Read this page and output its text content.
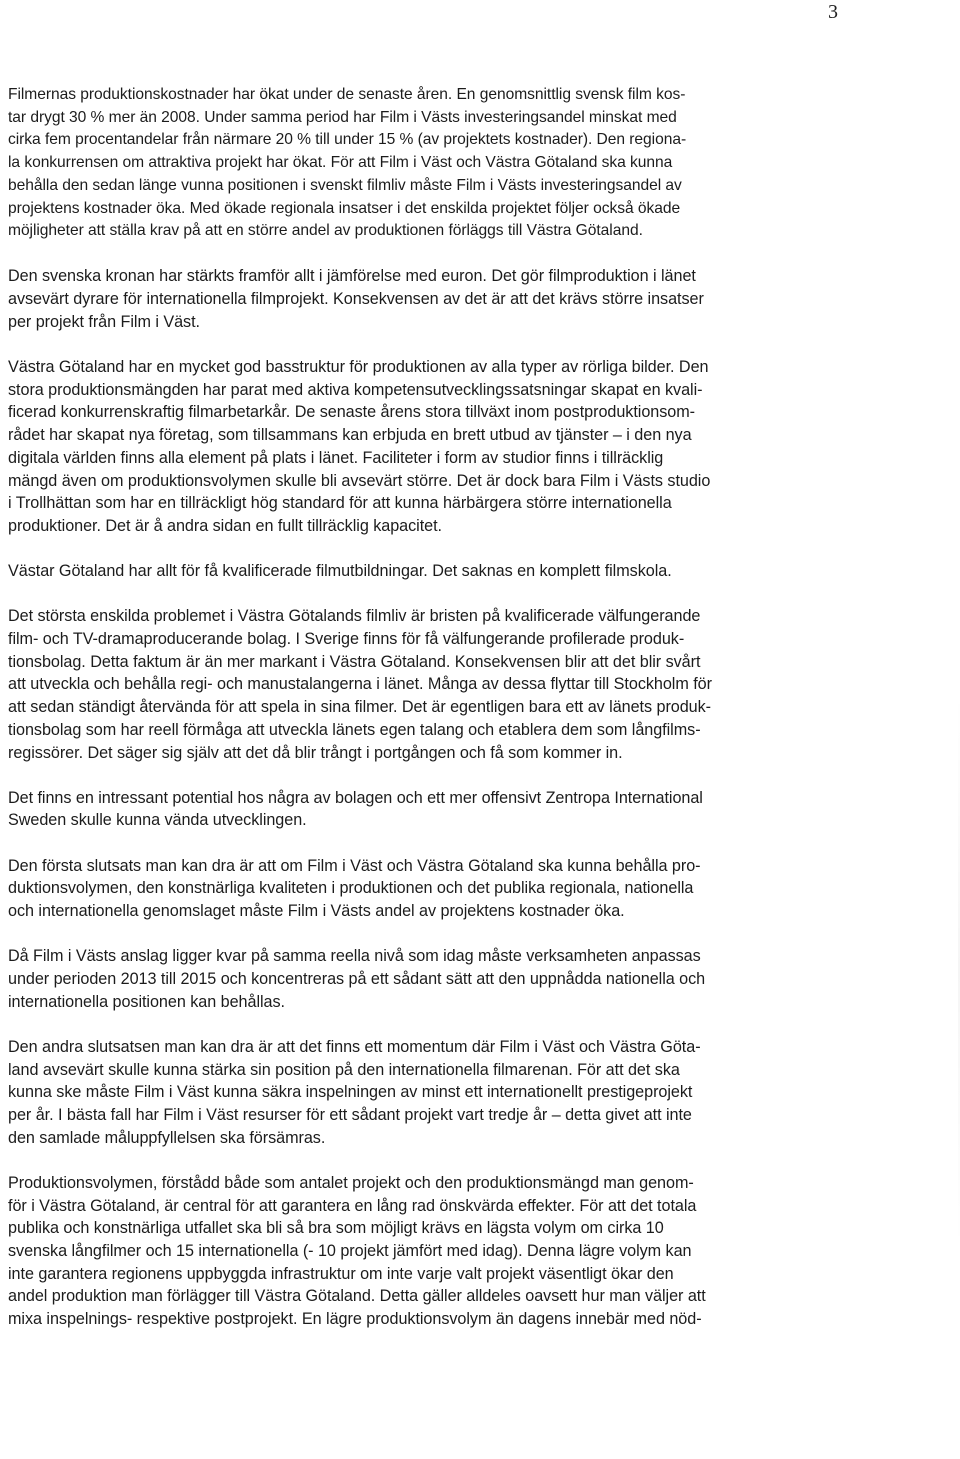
3
Filmernas produktionskostnader har ökat under de senaste åren. En genomsnittlig svensk film kos-
tar drygt 30 % mer än 2008. Under samma period har Film i Västs investeringsandel minskat med
cirka fem procentandelar från närmare 20 % till under 15 % (av projektets kostnader). Den regiona-
la konkurrensen om attraktiva projekt har ökat. För att Film i Väst och Västra Götaland ska kunna
behålla den sedan länge vunna positionen i svenskt filmliv måste Film i Västs investeringsandel av
projektens kostnader öka. Med ökade regionala insatser i det enskilda projektet följer också ökade
möjligheter att ställa krav på att en större andel av produktionen förläggs till Västra Götaland.
Den svenska kronan har stärkts framför allt i jämförelse med euron. Det gör filmproduktion i länet
avsevärt dyrare för internationella filmprojekt. Konsekvensen av det är att det krävs större insatser
per projekt från Film i Väst.
Västra Götaland har en mycket god basstruktur för produktionen av alla typer av rörliga bilder. Den
stora produktionsmängden har parat med aktiva kompetensutvecklingssatsningar skapat en kvali-
ficerad konkurrenskraftig filmarbetarkår. De senaste årens stora tillväxt inom postproduktionsom-
rådet har skapat nya företag, som tillsammans kan erbjuda en brett utbud av tjänster – i den nya
digitala världen finns alla element på plats i länet. Faciliteter i form av studior finns i tillräcklig
mängd även om produktionsvolymen skulle bli avsevärt större. Det är dock bara Film i Västs studio
i Trollhättan som har en tillräckligt hög standard för att kunna härbärgera större internationella
produktioner. Det är å andra sidan en fullt tillräcklig kapacitet.
Västar Götaland har allt för få kvalificerade filmutbildningar. Det saknas en komplett filmskola.
Det största enskilda problemet i Västra Götalands filmliv är bristen på kvalificerade välfungerande
film- och TV-dramaproducerande bolag. I Sverige finns för få välfungerande profilerade produk-
tionsbolag. Detta faktum är än mer markant i Västra Götaland. Konsekvensen blir att det blir svårt
att utveckla och behålla regi- och manustalangerna i länet. Många av dessa flyttar till Stockholm för
att sedan ständigt återvända för att spela in sina filmer. Det är egentligen bara ett av länets produk-
tionsbolag som har reell förmåga att utveckla länets egen talang och etablera dem som långfilms-
regissörer. Det säger sig själv att det då blir trångt i portgången och få som kommer in.
Det finns en intressant potential hos några av bolagen och ett mer offensivt Zentropa International
Sweden skulle kunna vända utvecklingen.
Den första slutsats man kan dra är att om Film i Väst och Västra Götaland ska kunna behålla pro-
duktionsvolymen, den konstnärliga kvaliteten i produktionen och det publika regionala, nationella
och internationella genomslaget måste Film i Västs andel av projektens kostnader öka.
Då Film i Västs anslag ligger kvar på samma reella nivå som idag måste verksamheten anpassas
under perioden 2013 till 2015 och koncentreras på ett sådant sätt att den uppnådda nationella och
internationella positionen kan behållas.
Den andra slutsatsen man kan dra är att det finns ett momentum där Film i Väst och Västra Göta-
land avsevärt skulle kunna stärka sin position på den internationella filmarenan. För att det ska
kunna ske måste Film i Väst kunna säkra inspelningen av minst ett internationellt prestigeprojekt
per år. I bästa fall har Film i Väst resurser för ett sådant projekt vart tredje år – detta givet att inte
den samlade måluppfyllelsen ska försämras.
Produktionsvolymen, förstådd både som antalet projekt och den produktionsmängd man genom-
för i Västra Götaland, är central för att garantera en lång rad önskvärda effekter. För att det totala
publika och konstnärliga utfallet ska bli så bra som möjligt krävs en lägsta volym om cirka 10
svenska långfilmer och 15 internationella (- 10 projekt jämfört med idag). Denna lägre volym kan
inte garantera regionens uppbyggda infrastruktur om inte varje valt projekt väsentligt ökar den
andel produktion man förlägger till Västra Götaland. Detta gäller alldeles oavsett hur man väljer att
mixa inspelnings- respektive postprojekt. En lägre produktionsvolym än dagens innebär med nöd-
